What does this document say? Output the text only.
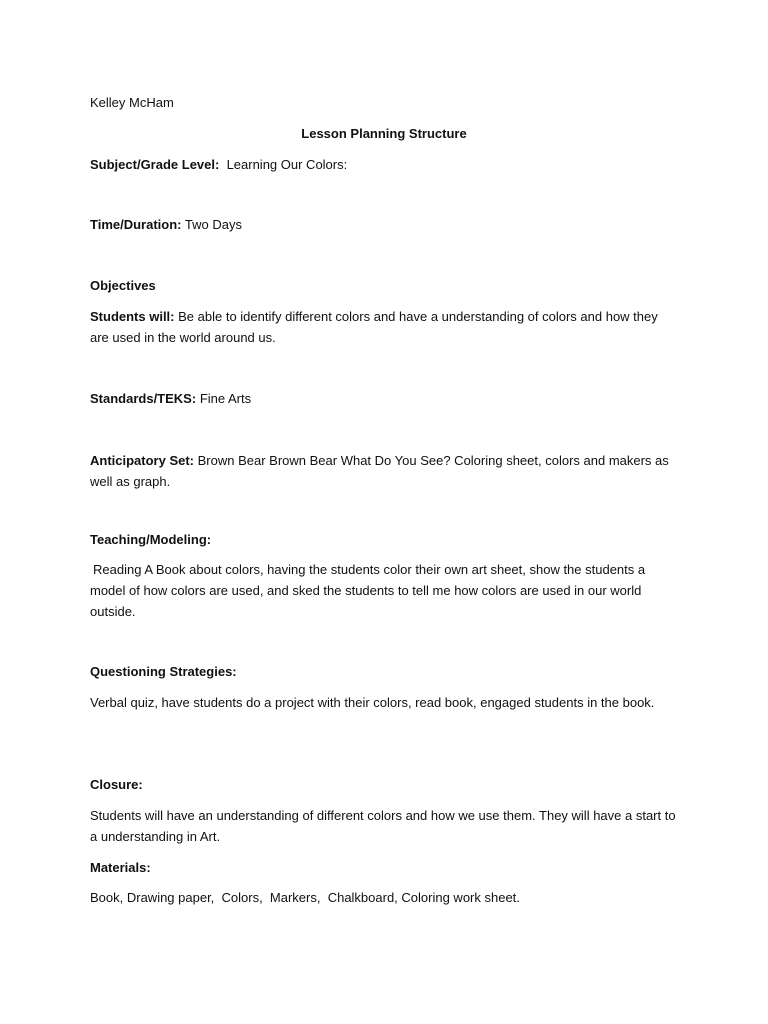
Kelley McHam
Lesson Planning Structure
Subject/Grade Level: Learning Our Colors:
Time/Duration: Two Days
Objectives
Students will: Be able to identify different colors and have a understanding of colors and how they are used in the world around us.
Standards/TEKS: Fine Arts
Anticipatory Set: Brown Bear Brown Bear What Do You See? Coloring sheet, colors and makers as well as graph.
Teaching/Modeling:
Reading A Book about colors, having the students color their own art sheet, show the students a model of how colors are used, and sked the students to tell me how colors are used in our world outside.
Questioning Strategies:
Verbal quiz, have students do a project with their colors, read book, engaged students in the book.
Closure:
Students will have an understanding of different colors and how we use them. They will have a start to a understanding in Art.
Materials:
Book, Drawing paper,  Colors,  Markers,  Chalkboard, Coloring work sheet.
